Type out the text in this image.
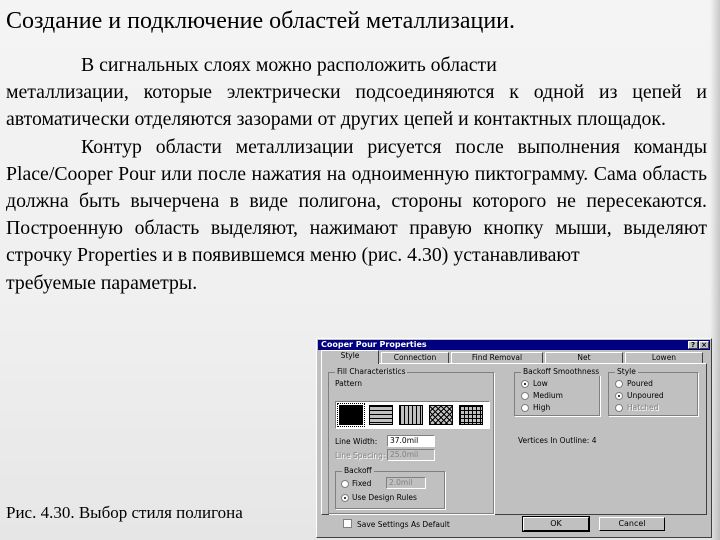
Создание и подключение областей металлизации.

В сигнальных слоях можно расположить области

металлизации, которые электрически подсоединяются к одной из цепей и автоматически отделяются зазорами от других цепей и контактных площадок.

Контур области металлизации рисуется после выполнения команды Place/Cooper Pour или после нажатия на одноименную пиктограмму. Сама область должна быть вычерчена в виде полигона, стороны которого не пересекаются. Построенную область выделяют, нажимают правую кнопку мыши, выделяют строчку Properties и в появившемся меню (рис. 4.30) устанавливают

требуемые параметры.

Рис. 4.30. Выбор стиля полигона
Cooper Pour Properties	? ×
Style	Connection	Find Removal	Net	Lowen
Fill Characteristics
Pattern
Line Width:	37.0mil
Line Spacing: 25.0mil
Backoff
Fixed	2.0mil
Use Design Rules
Backoff Smoothness
Low
Medium
High
Style
Poured
Unpoured
Hatched
Vertices In Outline: 4
Save Settings As Default	OK	Cancel
